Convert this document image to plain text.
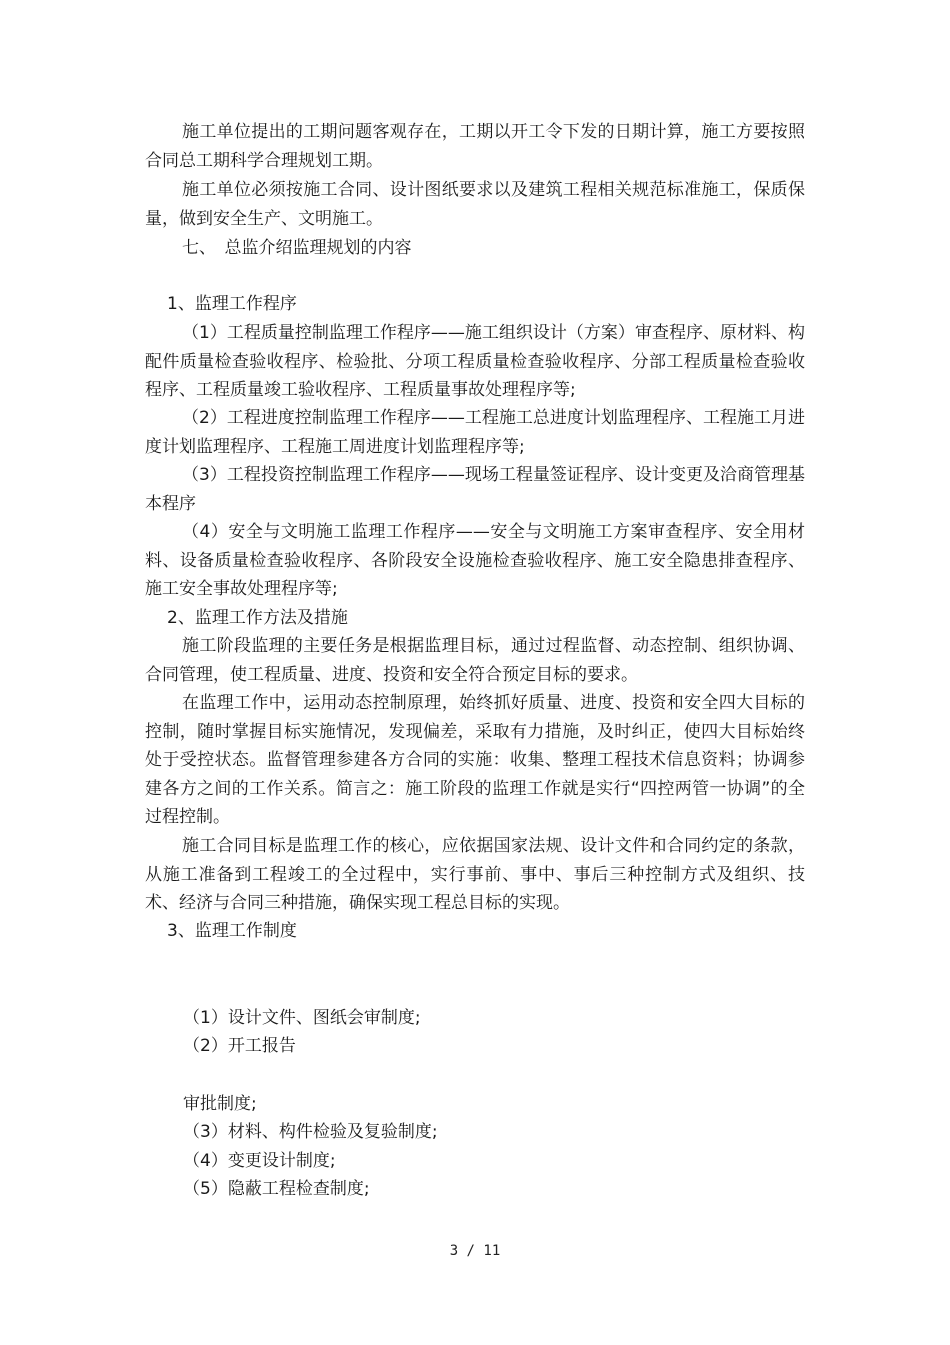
施工单位提出的工期问题客观存在，工期以开工令下发的日期计算，施工方要按照合同总工期科学合理规划工期。

施工单位必须按施工合同、设计图纸要求以及建筑工程相关规范标准施工，保质保量，做到安全生产、文明施工。

七、　总监介绍监理规划的内容

1、监理工作程序

（1）工程质量控制监理工作程序——施工组织设计（方案）审查程序、原材料、构配件质量检查验收程序、检验批、分项工程质量检查验收程序、分部工程质量检查验收程序、工程质量竣工验收程序、工程质量事故处理程序等;

（2）工程进度控制监理工作程序——工程施工总进度计划监理程序、工程施工月进度计划监理程序、工程施工周进度计划监理程序等;

（3）工程投资控制监理工作程序——现场工程量签证程序、设计变更及洽商管理基本程序

（4）安全与文明施工监理工作程序——安全与文明施工方案审查程序、安全用材料、设备质量检查验收程序、各阶段安全设施检查验收程序、施工安全隐患排查程序、施工安全事故处理程序等;

2、监理工作方法及措施

施工阶段监理的主要任务是根据监理目标，通过过程监督、动态控制、组织协调、合同管理，使工程质量、进度、投资和安全符合预定目标的要求。

在监理工作中，运用动态控制原理，始终抓好质量、进度、投资和安全四大目标的控制，随时掌握目标实施情况，发现偏差，采取有力措施，及时纠正，使四大目标始终处于受控状态。监督管理参建各方合同的实施：收集、整理工程技术信息资料；协调参建各方之间的工作关系。简言之：施工阶段的监理工作就是实行“四控两管一协调”的全过程控制。

施工合同目标是监理工作的核心，应依据国家法规、设计文件和合同约定的条款，从施工准备到工程竣工的全过程中，实行事前、事中、事后三种控制方式及组织、技术、经济与合同三种措施，确保实现工程总目标的实现。

3、监理工作制度

（1）设计文件、图纸会审制度;

（2）开工报告

审批制度;

（3）材料、构件检验及复验制度;

（4）变更设计制度;

（5）隐蔽工程检查制度;

3 / 11
